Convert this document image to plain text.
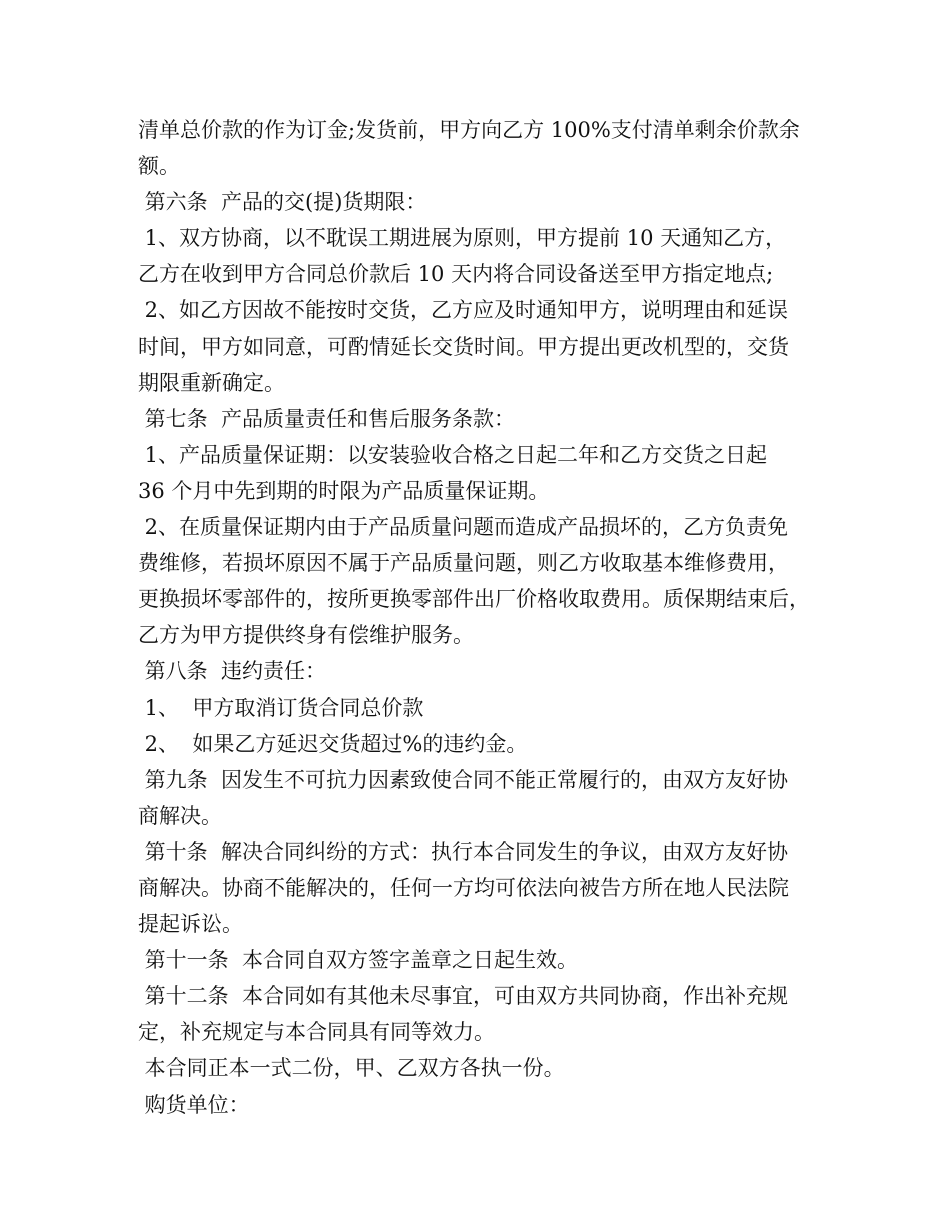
清单总价款的作为订金;发货前，甲方向乙方 100%支付清单剩余价款余
额。
第六条  产品的交(提)货期限：
1、双方协商，以不耽误工期进展为原则，甲方提前 10 天通知乙方，
乙方在收到甲方合同总价款后 10 天内将合同设备送至甲方指定地点;
2、如乙方因故不能按时交货，乙方应及时通知甲方，说明理由和延误
时间，甲方如同意，可酌情延长交货时间。甲方提出更改机型的，交货
期限重新确定。
第七条  产品质量责任和售后服务条款：
1、产品质量保证期：以安装验收合格之日起二年和乙方交货之日起
36 个月中先到期的时限为产品质量保证期。
2、在质量保证期内由于产品质量问题而造成产品损坏的，乙方负责免
费维修，若损坏原因不属于产品质量问题，则乙方收取基本维修费用，
更换损坏零部件的，按所更换零部件出厂价格收取费用。质保期结束后，
乙方为甲方提供终身有偿维护服务。
第八条  违约责任：
1、  甲方取消订货合同总价款
2、  如果乙方延迟交货超过%的违约金。
第九条  因发生不可抗力因素致使合同不能正常履行的，由双方友好协
商解决。
第十条  解决合同纠纷的方式：执行本合同发生的争议，由双方友好协
商解决。协商不能解决的，任何一方均可依法向被告方所在地人民法院
提起诉讼。
第十一条  本合同自双方签字盖章之日起生效。
第十二条  本合同如有其他未尽事宜，可由双方共同协商，作出补充规
定，补充规定与本合同具有同等效力。
本合同正本一式二份，甲、乙双方各执一份。
购货单位：
